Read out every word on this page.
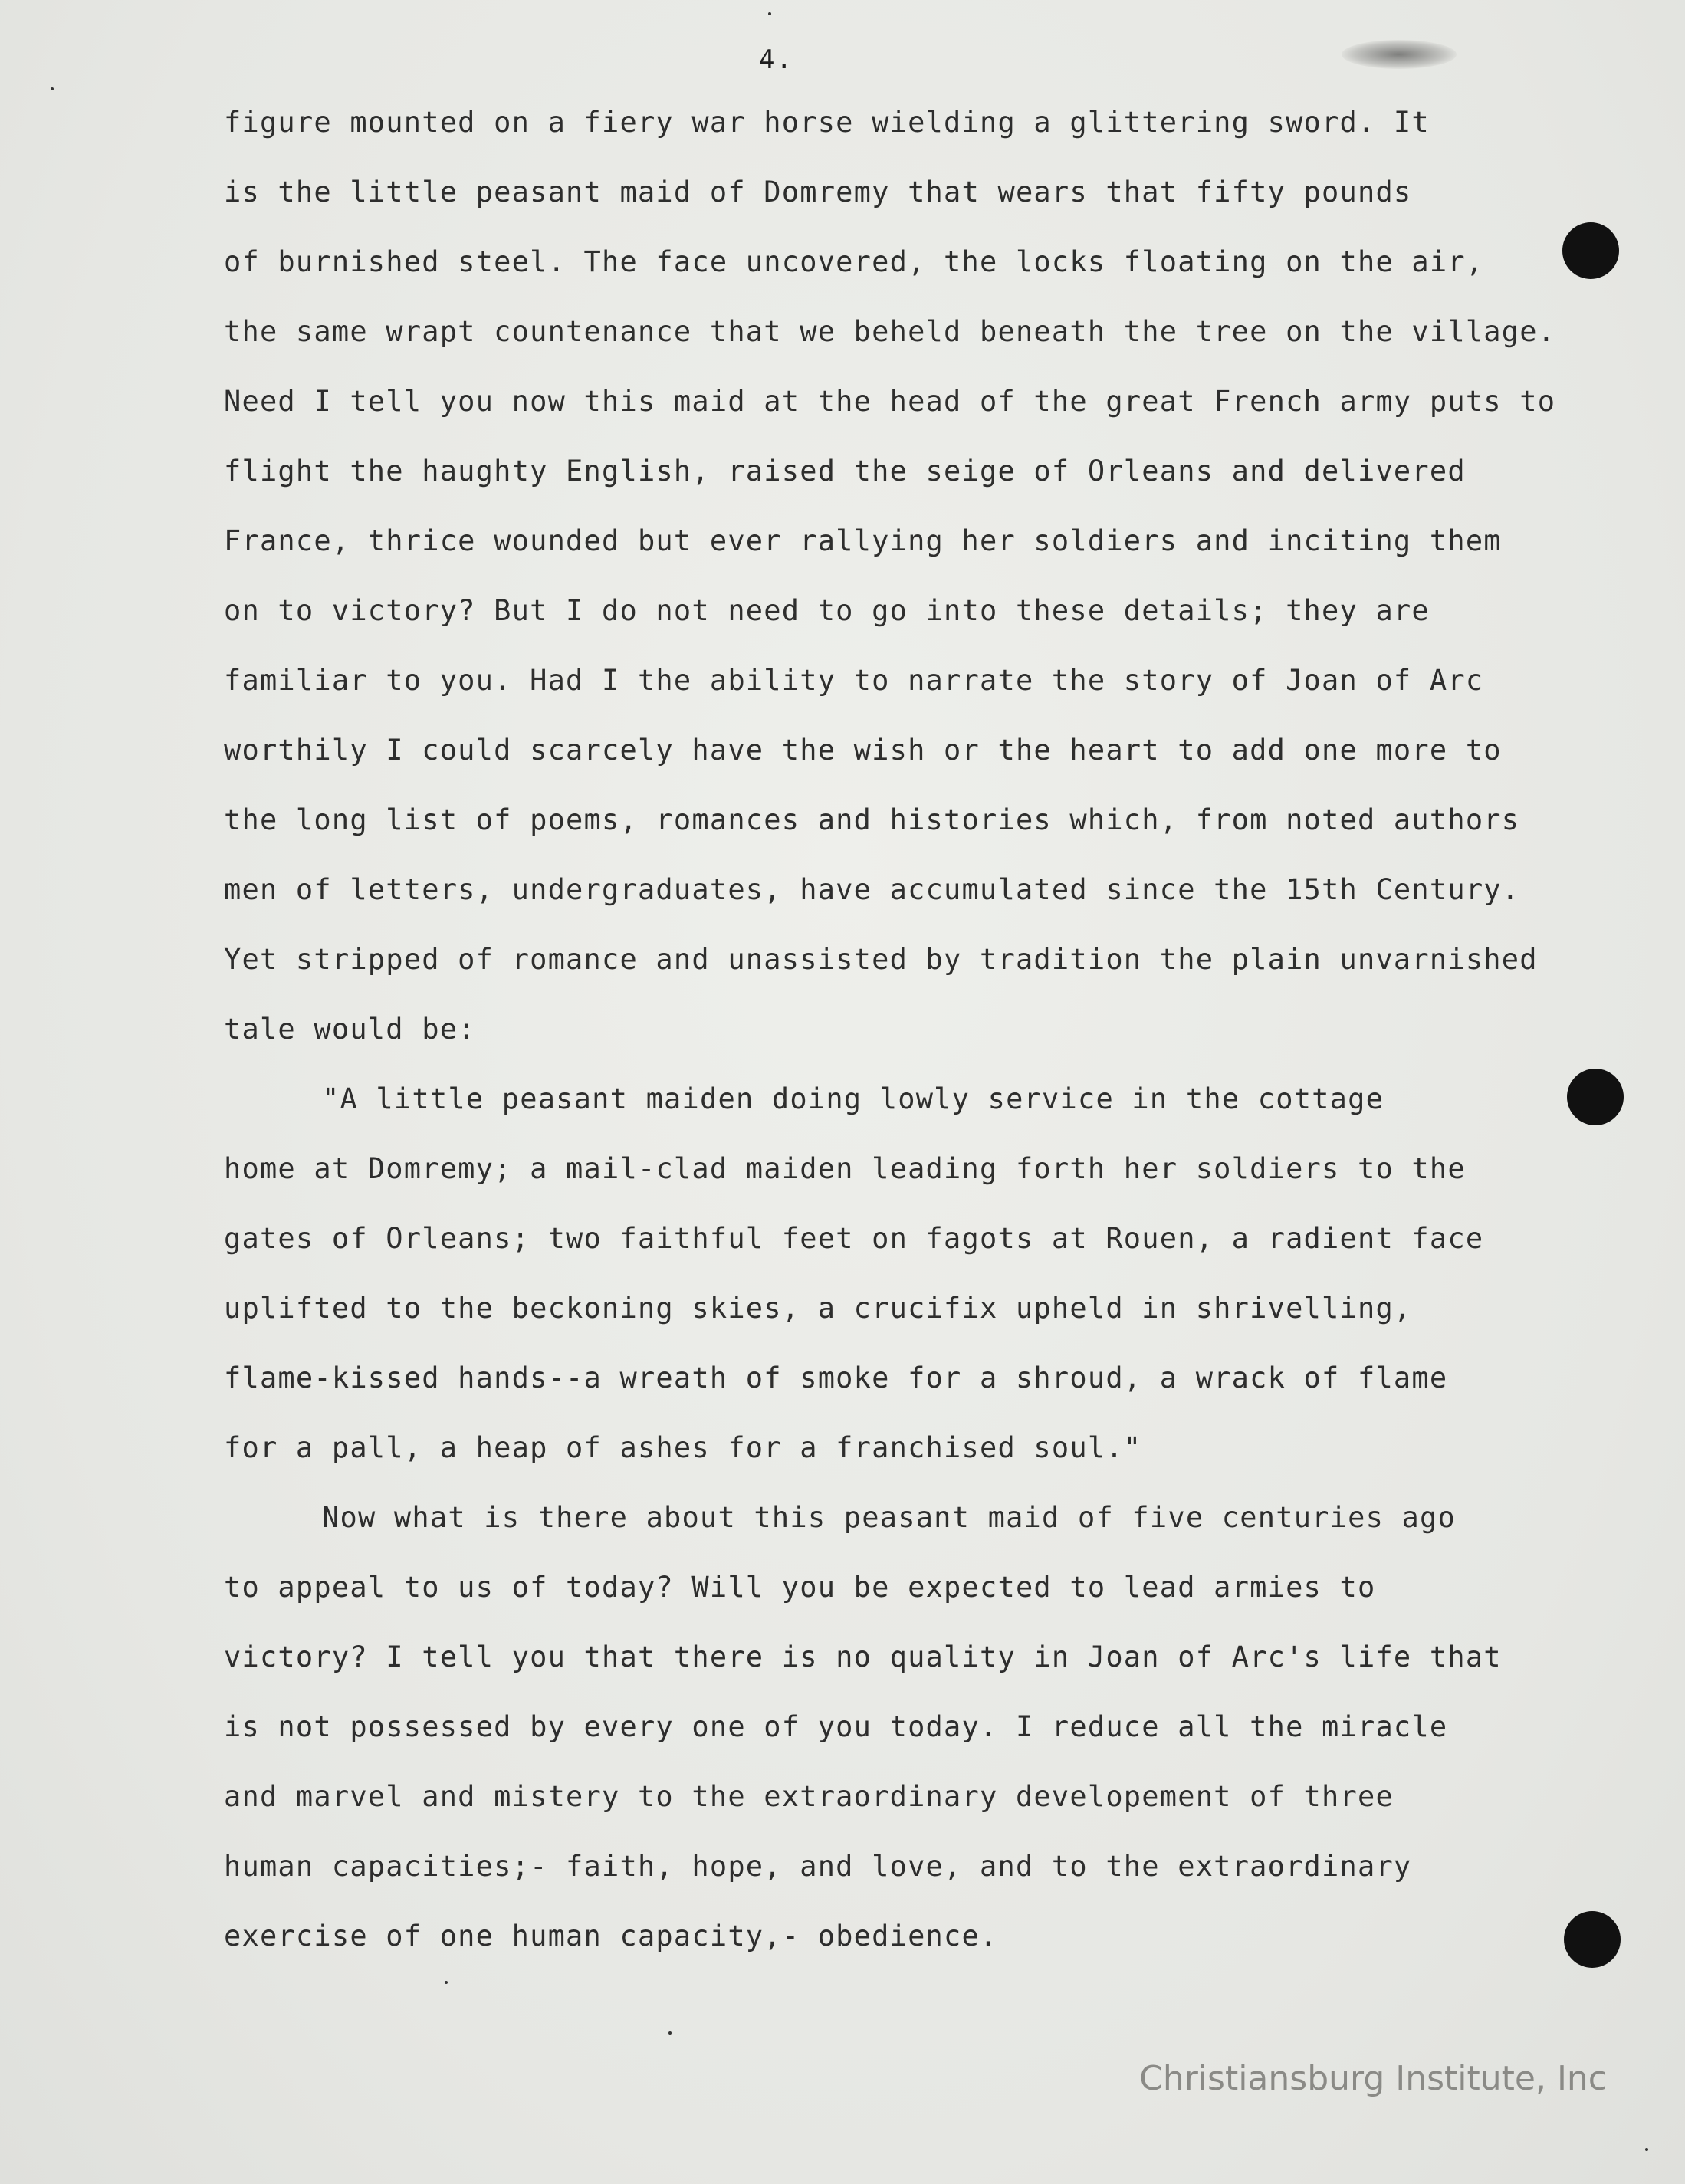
4.
figure mounted on a fiery war horse wielding a glittering sword. It
is the little peasant maid of Domremy that wears that fifty pounds
of burnished steel. The face uncovered, the locks floating on the air,
the same wrapt countenance that we beheld beneath the tree on the village.
Need I tell you now this maid at the head of the great French army puts to
flight the haughty English, raised the seige of Orleans and delivered
France, thrice wounded but ever rallying her soldiers and inciting them
on to victory? But I do not need to go into these details; they are
familiar to you. Had I the ability to narrate the story of Joan of Arc
worthily I could scarcely have the wish or the heart to add one more to
the long list of poems, romances and histories which, from noted authors
men of letters, undergraduates, have accumulated since the 15th Century.
Yet stripped of romance and unassisted by tradition the plain unvarnished
tale would be:
"A little peasant maiden doing lowly service in the cottage
home at Domremy; a mail-clad maiden leading forth her soldiers to the
gates of Orleans; two faithful feet on fagots at Rouen, a radient face
uplifted to the beckoning skies, a crucifix upheld in shrivelling,
flame-kissed hands--a wreath of smoke for a shroud, a wrack of flame
for a pall, a heap of ashes for a franchised soul."
Now what is there about this peasant maid of five centuries ago
to appeal to us of today? Will you be expected to lead armies to
victory? I tell you that there is no quality in Joan of Arc's life that
is not possessed by every one of you today. I reduce all the miracle
and marvel and mistery to the extraordinary developement of three
human capacities;- faith, hope, and love, and to the extraordinary
exercise of one human capacity,- obedience.
Christiansburg Institute, Inc
